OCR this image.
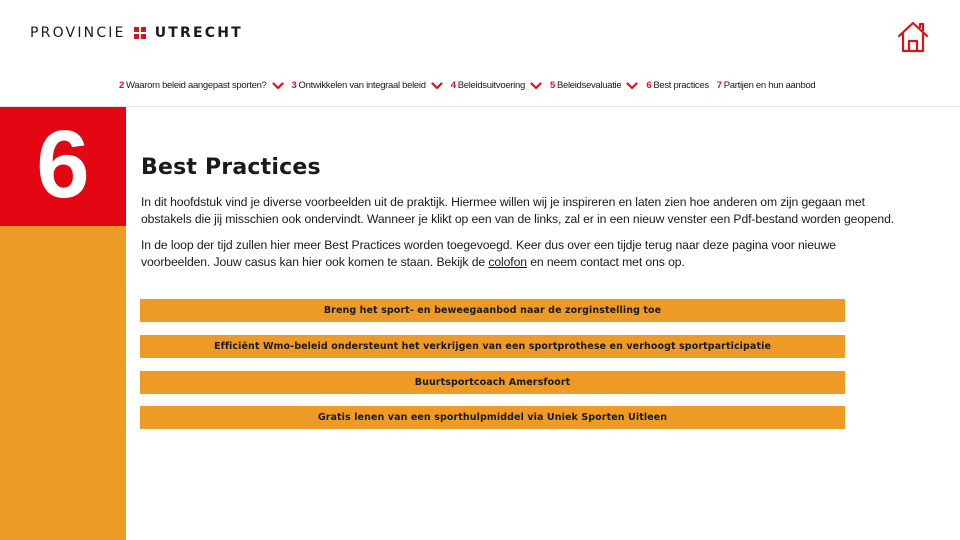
PROVINCIE UTRECHT
2 Waarom beleid aangepast sporten?	3 Ontwikkelen van integraal beleid	4 Beleidsuitvoering	5 Beleidsevaluatie	6 Best practices 7 Partijen en hun aanbod
6 Best Practices

In dit hoofdstuk vind je diverse voorbeelden uit de praktijk. Hiermee willen wij je inspireren en laten zien hoe anderen om zijn gegaan met obstakels die jij misschien ook ondervindt. Wanneer je klikt op een van de links, zal er in een nieuw venster een Pdf-bestand worden geopend.

In de loop der tijd zullen hier meer Best Practices worden toegevoegd. Keer dus over een tijdje terug naar deze pagina voor nieuwe voorbeelden. Jouw casus kan hier ook komen te staan. Bekijk de colofon en neem contact met ons op.

Breng het sport- en beweegaanbod naar de zorginstelling toe
Efficiënt Wmo-beleid ondersteunt het verkrijgen van een sportprothese en verhoogt sportparticipatie
Buurtsportcoach Amersfoort
Gratis lenen van een sporthulpmiddel via Uniek Sporten Uitleen
